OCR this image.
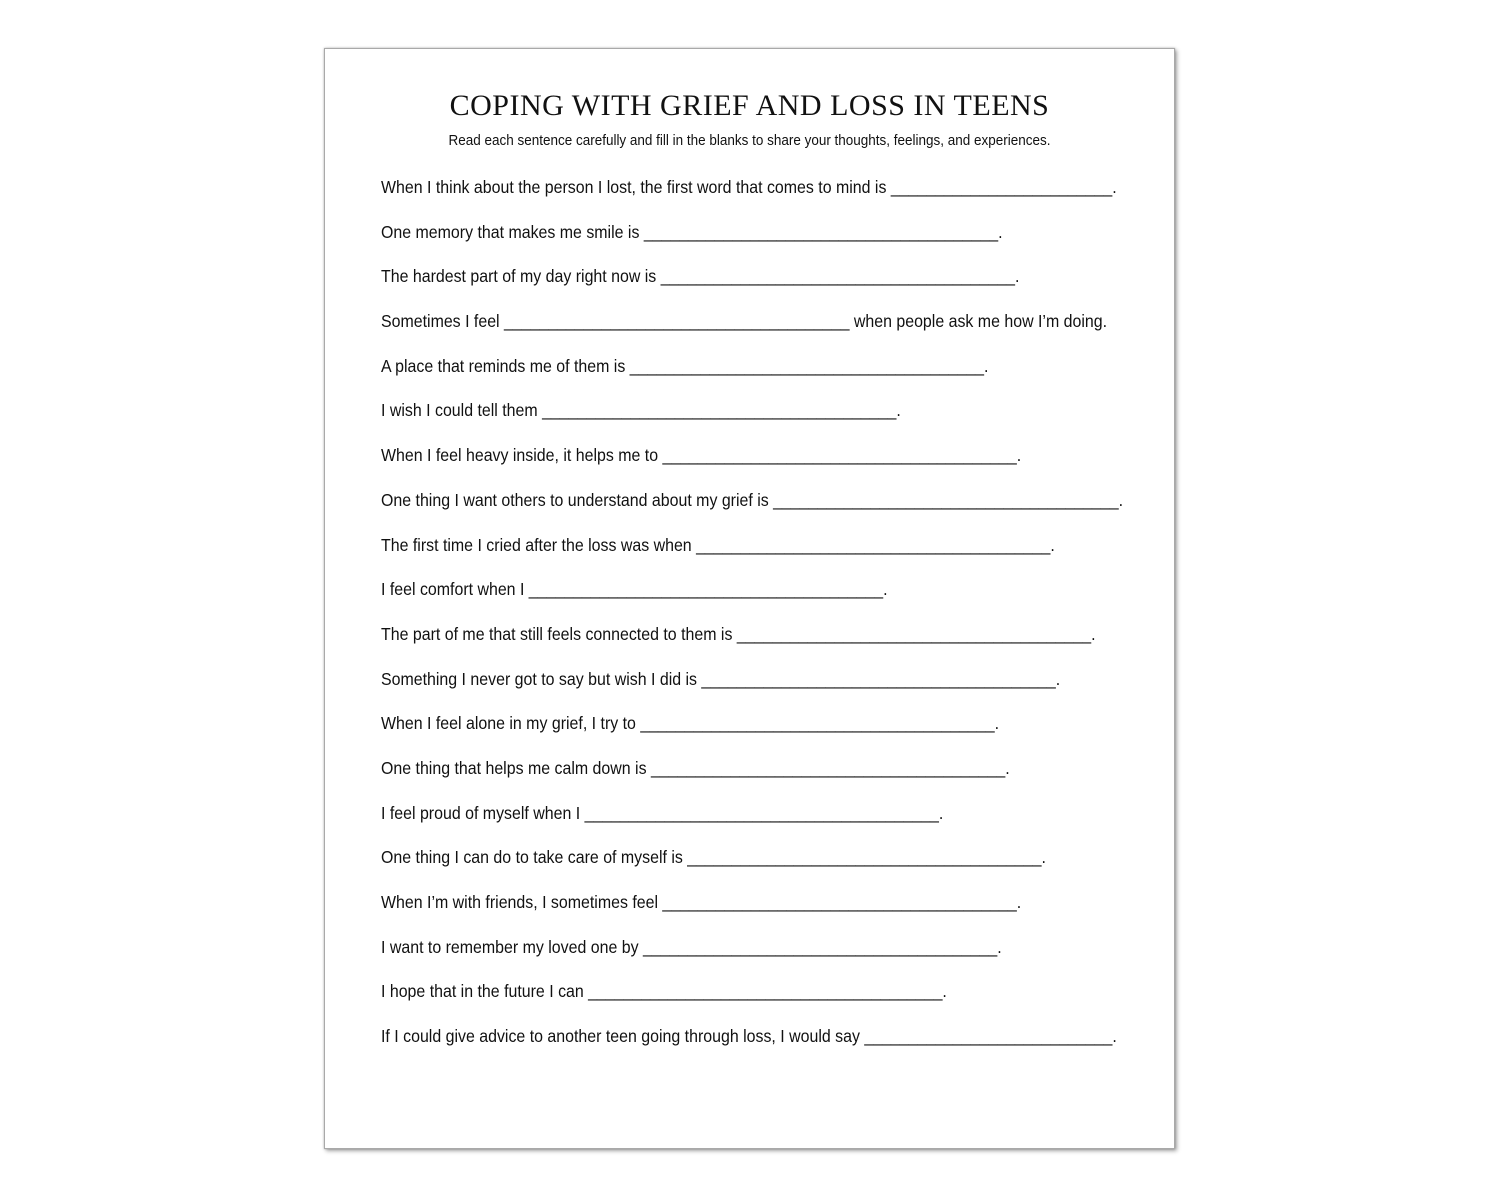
COPING WITH GRIEF AND LOSS IN TEENS
Read each sentence carefully and fill in the blanks to share your thoughts, feelings, and experiences.
When I think about the person I lost, the first word that comes to mind is _________________________.
One memory that makes me smile is ________________________________________.
The hardest part of my day right now is ________________________________________.
Sometimes I feel _______________________________________ when people ask me how I’m doing.
A place that reminds me of them is ________________________________________.
I wish I could tell them ________________________________________.
When I feel heavy inside, it helps me to ________________________________________.
One thing I want others to understand about my grief is _______________________________________.
The first time I cried after the loss was when ________________________________________.
I feel comfort when I ________________________________________.
The part of me that still feels connected to them is ________________________________________.
Something I never got to say but wish I did is ________________________________________.
When I feel alone in my grief, I try to ________________________________________.
One thing that helps me calm down is ________________________________________.
I feel proud of myself when I ________________________________________.
One thing I can do to take care of myself is ________________________________________.
When I’m with friends, I sometimes feel ________________________________________.
I want to remember my loved one by ________________________________________.
I hope that in the future I can ________________________________________.
If I could give advice to another teen going through loss, I would say ____________________________.
